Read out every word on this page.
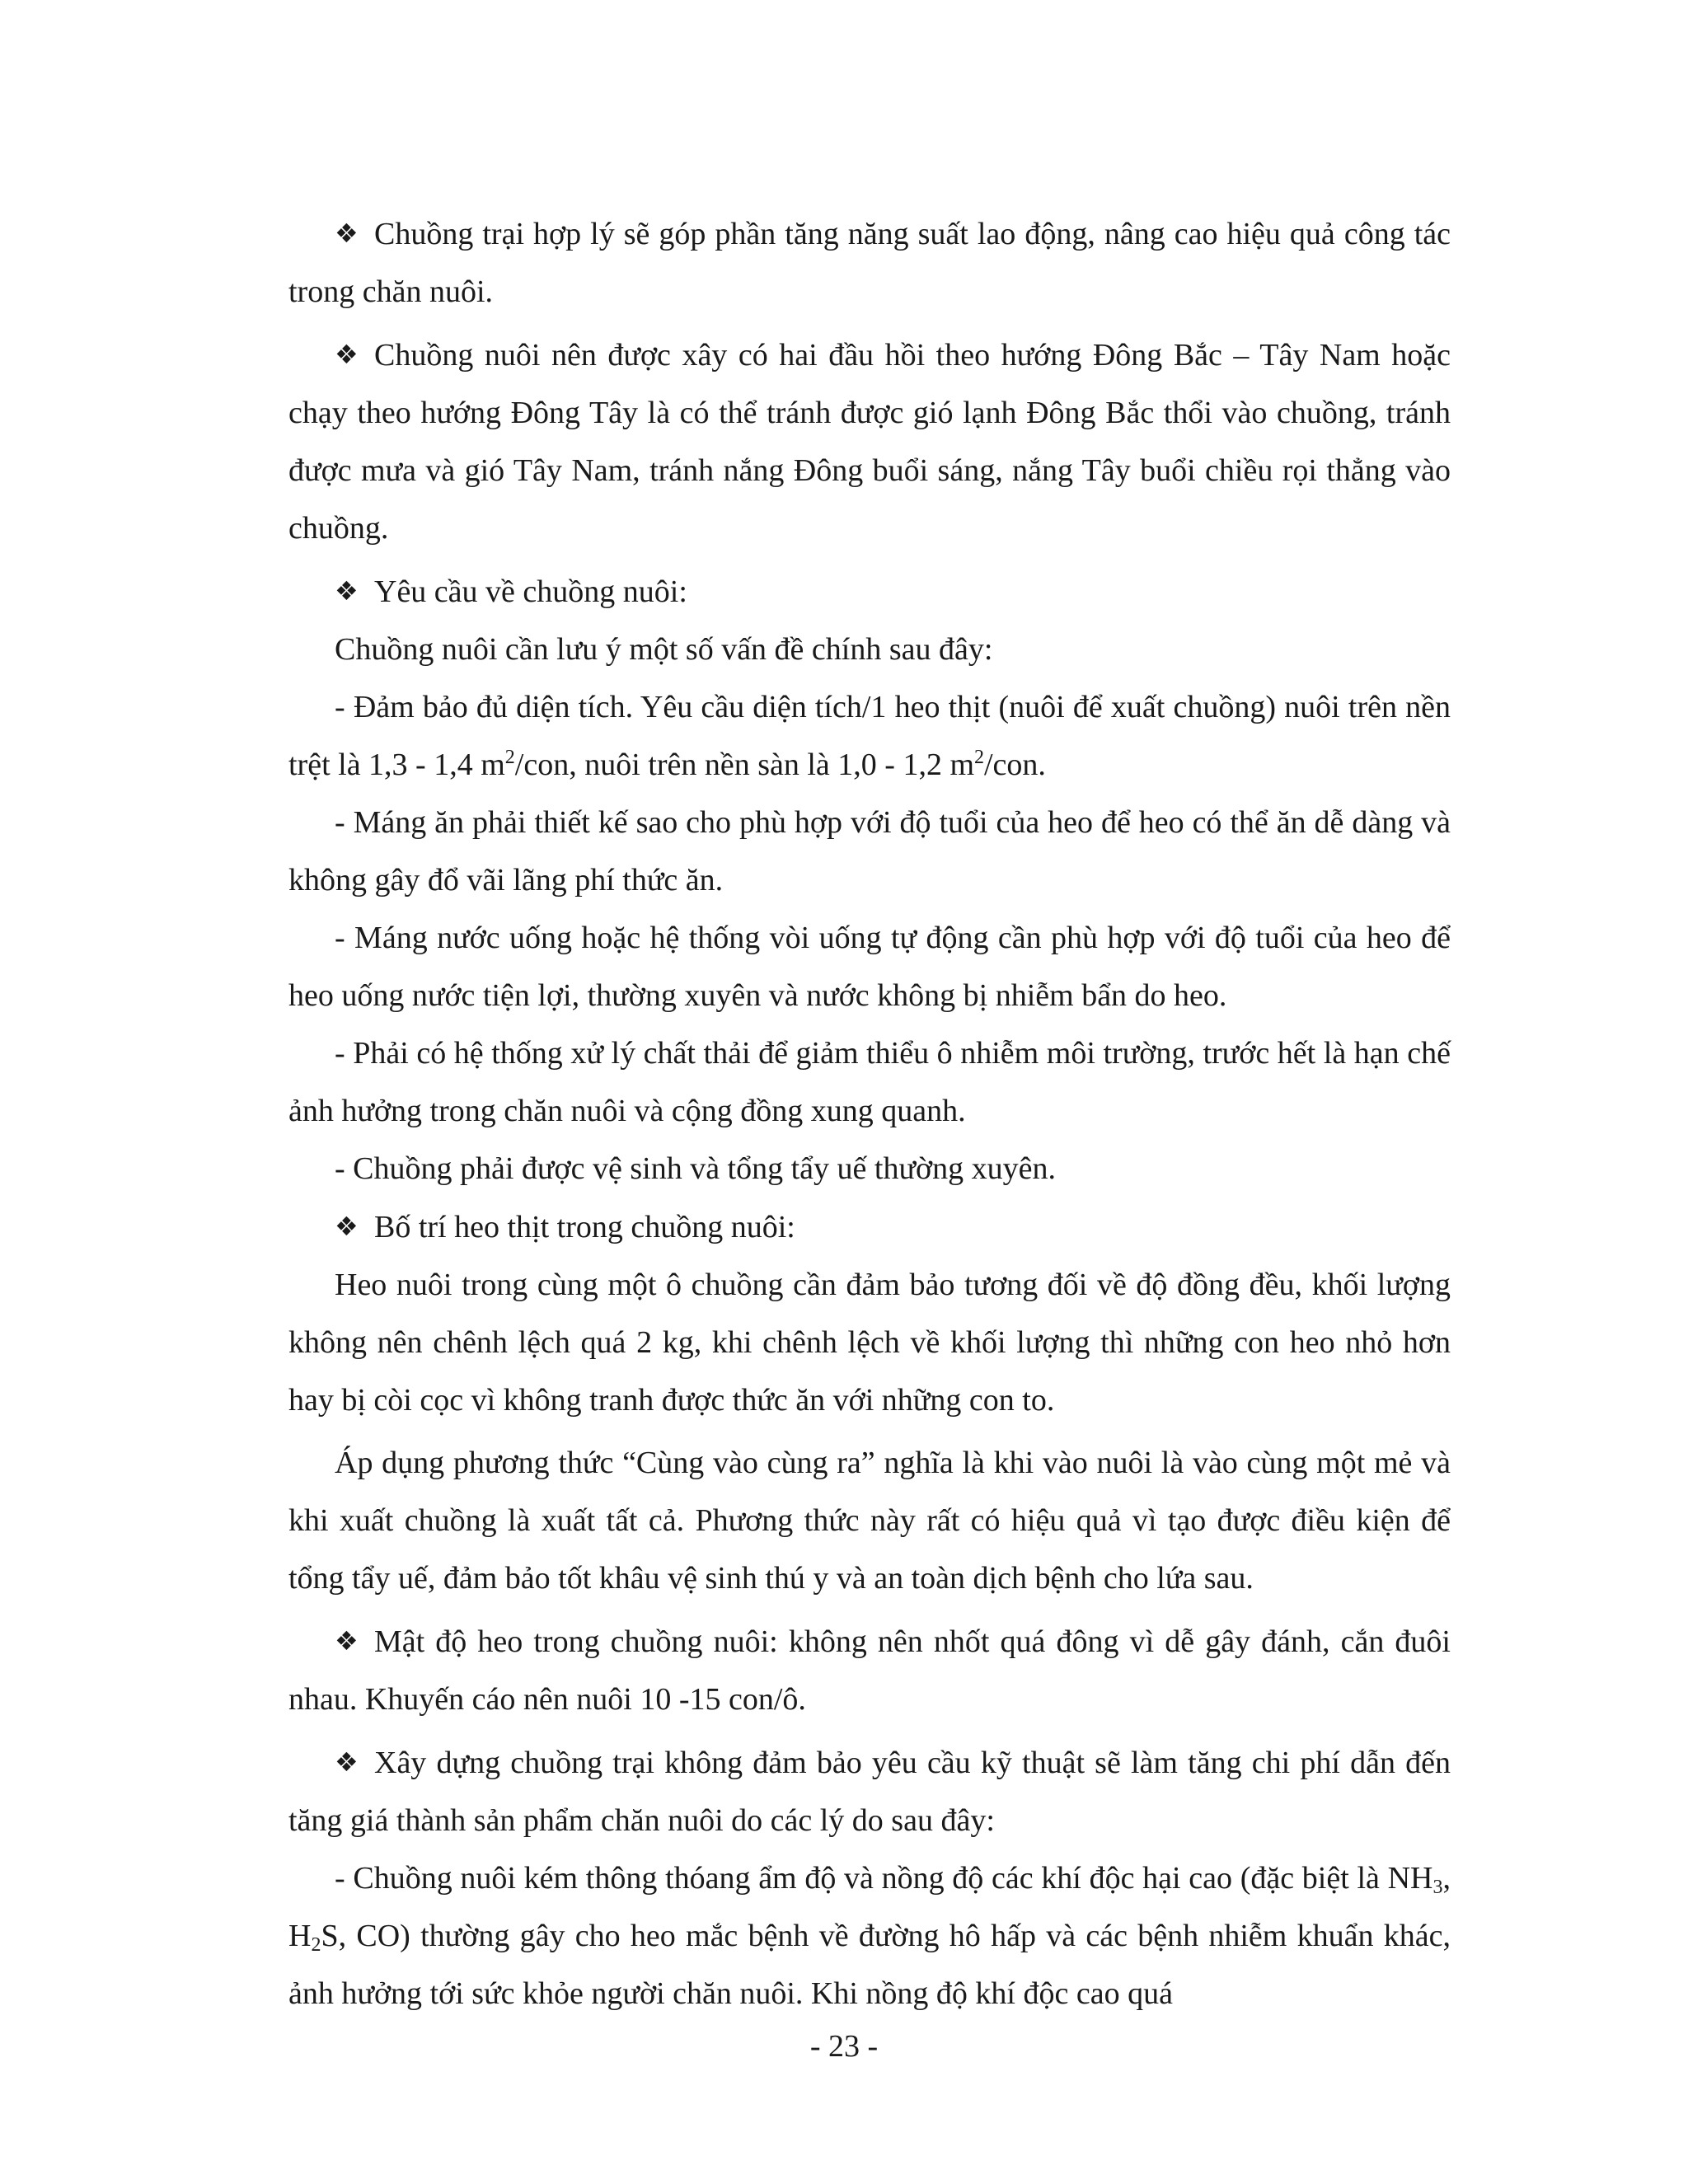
❖ Chuồng trại hợp lý sẽ góp phần tăng năng suất lao động, nâng cao hiệu quả công tác trong chăn nuôi.

❖ Chuồng nuôi nên được xây có hai đầu hồi theo hướng Đông Bắc – Tây Nam hoặc chạy theo hướng Đông Tây là có thể tránh được gió lạnh Đông Bắc thổi vào chuồng, tránh được mưa và gió Tây Nam, tránh nắng Đông buổi sáng, nắng Tây buổi chiều rọi thẳng vào chuồng.

❖ Yêu cầu về chuồng nuôi:

Chuồng nuôi cần lưu ý một số vấn đề chính sau đây:

- Đảm bảo đủ diện tích. Yêu cầu diện tích/1 heo thịt (nuôi để xuất chuồng) nuôi trên nền trệt là 1,3 - 1,4 $m^2$/con, nuôi trên nền sàn là 1,0 - 1,2 $m^2$/con.

- Máng ăn phải thiết kế sao cho phù hợp với độ tuổi của heo để heo có thể ăn dễ dàng và không gây đổ vãi lãng phí thức ăn.

- Máng nước uống hoặc hệ thống vòi uống tự động cần phù hợp với độ tuổi của heo để heo uống nước tiện lợi, thường xuyên và nước không bị nhiễm bẩn do heo.

- Phải có hệ thống xử lý chất thải để giảm thiểu ô nhiễm môi trường, trước hết là hạn chế ảnh hưởng trong chăn nuôi và cộng đồng xung quanh.

- Chuồng phải được vệ sinh và tổng tẩy uế thường xuyên.

❖ Bố trí heo thịt trong chuồng nuôi:

Heo nuôi trong cùng một ô chuồng cần đảm bảo tương đối về độ đồng đều, khối lượng không nên chênh lệch quá 2 kg, khi chênh lệch về khối lượng thì những con heo nhỏ hơn hay bị còi cọc vì không tranh được thức ăn với những con to.

Áp dụng phương thức “Cùng vào cùng ra” nghĩa là khi vào nuôi là vào cùng một mẻ và khi xuất chuồng là xuất tất cả. Phương thức này rất có hiệu quả vì tạo được điều kiện để tổng tẩy uế, đảm bảo tốt khâu vệ sinh thú y và an toàn dịch bệnh cho lứa sau.

❖ Mật độ heo trong chuồng nuôi: không nên nhốt quá đông vì dễ gây đánh, cắn đuôi nhau. Khuyến cáo nên nuôi 10 -15 con/ô.

❖ Xây dựng chuồng trại không đảm bảo yêu cầu kỹ thuật sẽ làm tăng chi phí dẫn đến tăng giá thành sản phẩm chăn nuôi do các lý do sau đây:

- Chuồng nuôi kém thông thóang ẩm độ và nồng độ các khí độc hại cao (đặc biệt là $NH_3$, $H_2S$, CO) thường gây cho heo mắc bệnh về đường hô hấp và các bệnh nhiễm khuẩn khác, ảnh hưởng tới sức khỏe người chăn nuôi. Khi nồng độ khí độc cao quá

- 23 -
